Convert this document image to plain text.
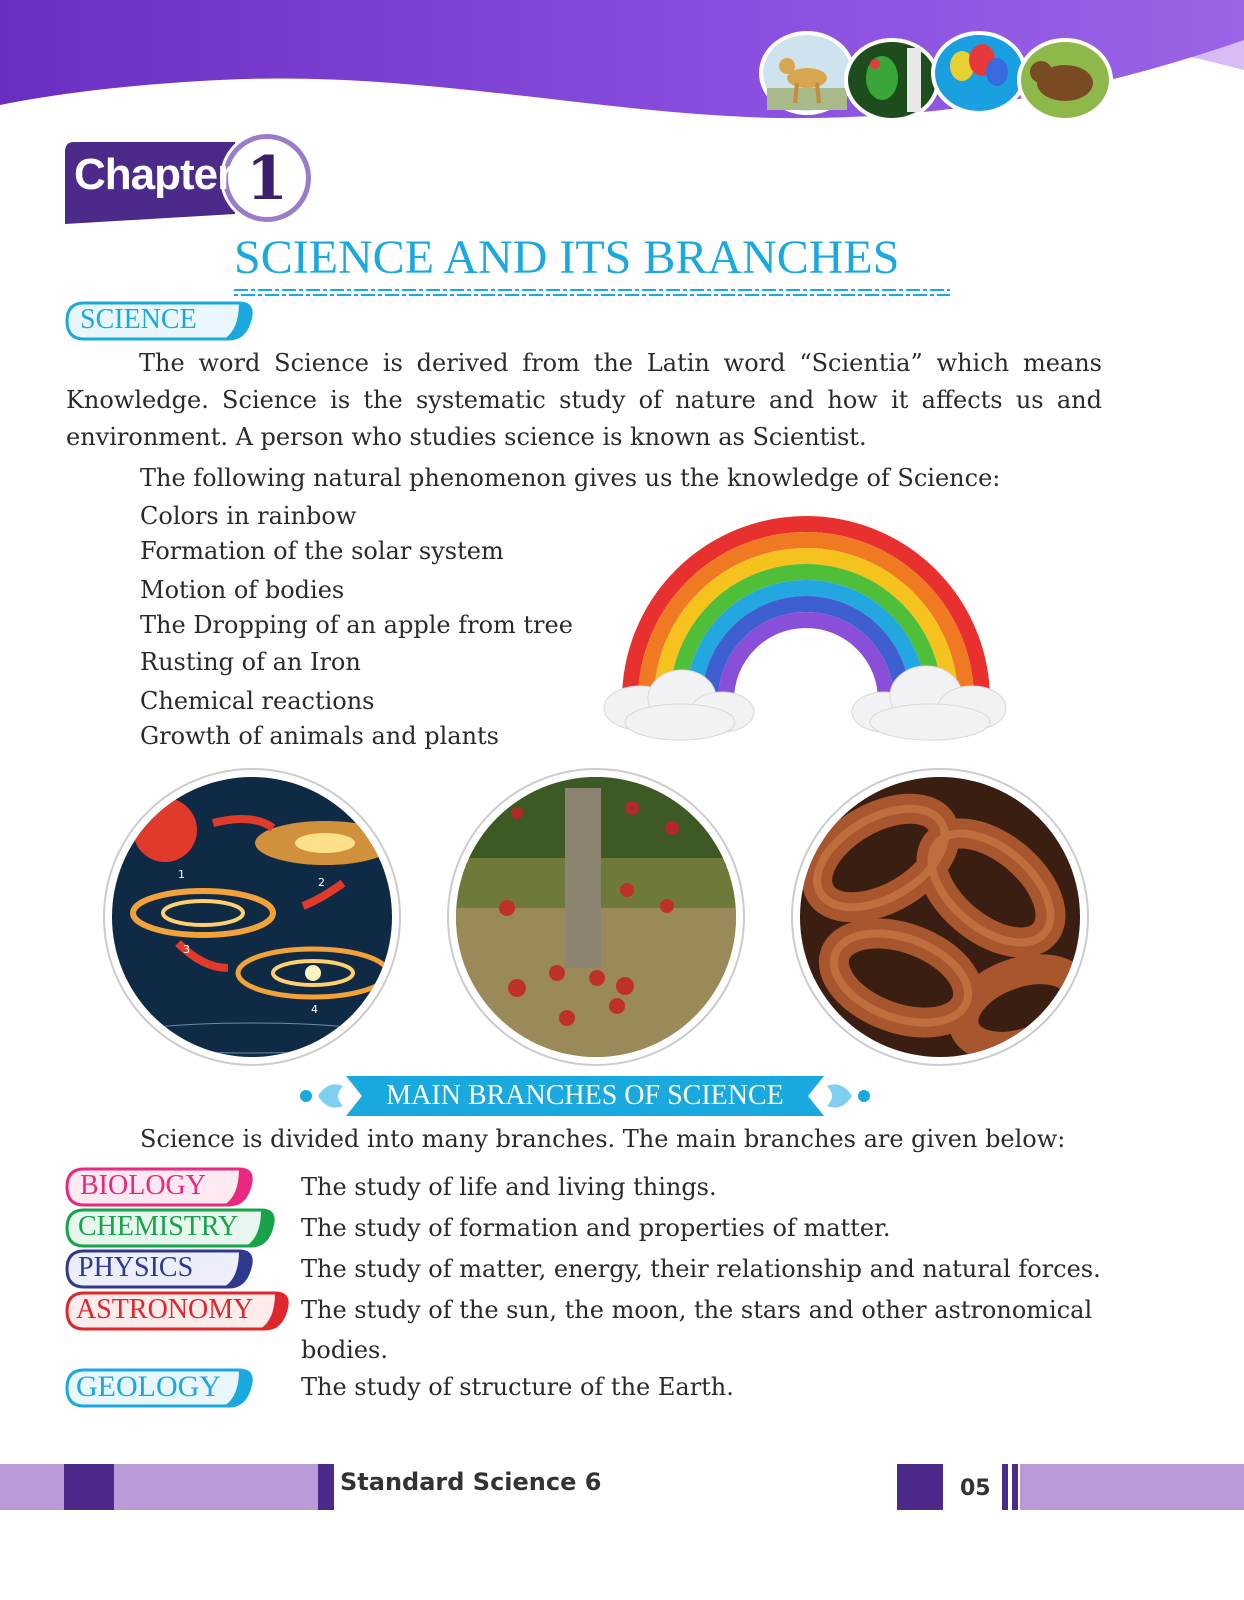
Chapter 1
SCIENCE AND ITS BRANCHES
SCIENCE
The word Science is derived from the Latin word “Scientia” which means Knowledge. Science is the systematic study of nature and how it affects us and environment. A person who studies science is known as Scientist.
The following natural phenomenon gives us the knowledge of Science:
Colors in rainbow
Formation of the solar system
Motion of bodies
The Dropping of an apple from tree
Rusting of an Iron
Chemical reactions
Growth of animals and plants
1
2
3
4
MAIN BRANCHES OF SCIENCE
Science is divided into many branches. The main branches are given below:
BIOLOGY	The study of life and living things.
CHEMISTRY	The study of formation and properties of matter.
PHYSICS	The study of matter, energy, their relationship and natural forces.
ASTRONOMY The study of the sun, the moon, the stars and other astronomical bodies.
GEOLOGY	The study of structure of the Earth.
Standard Science 6	05
